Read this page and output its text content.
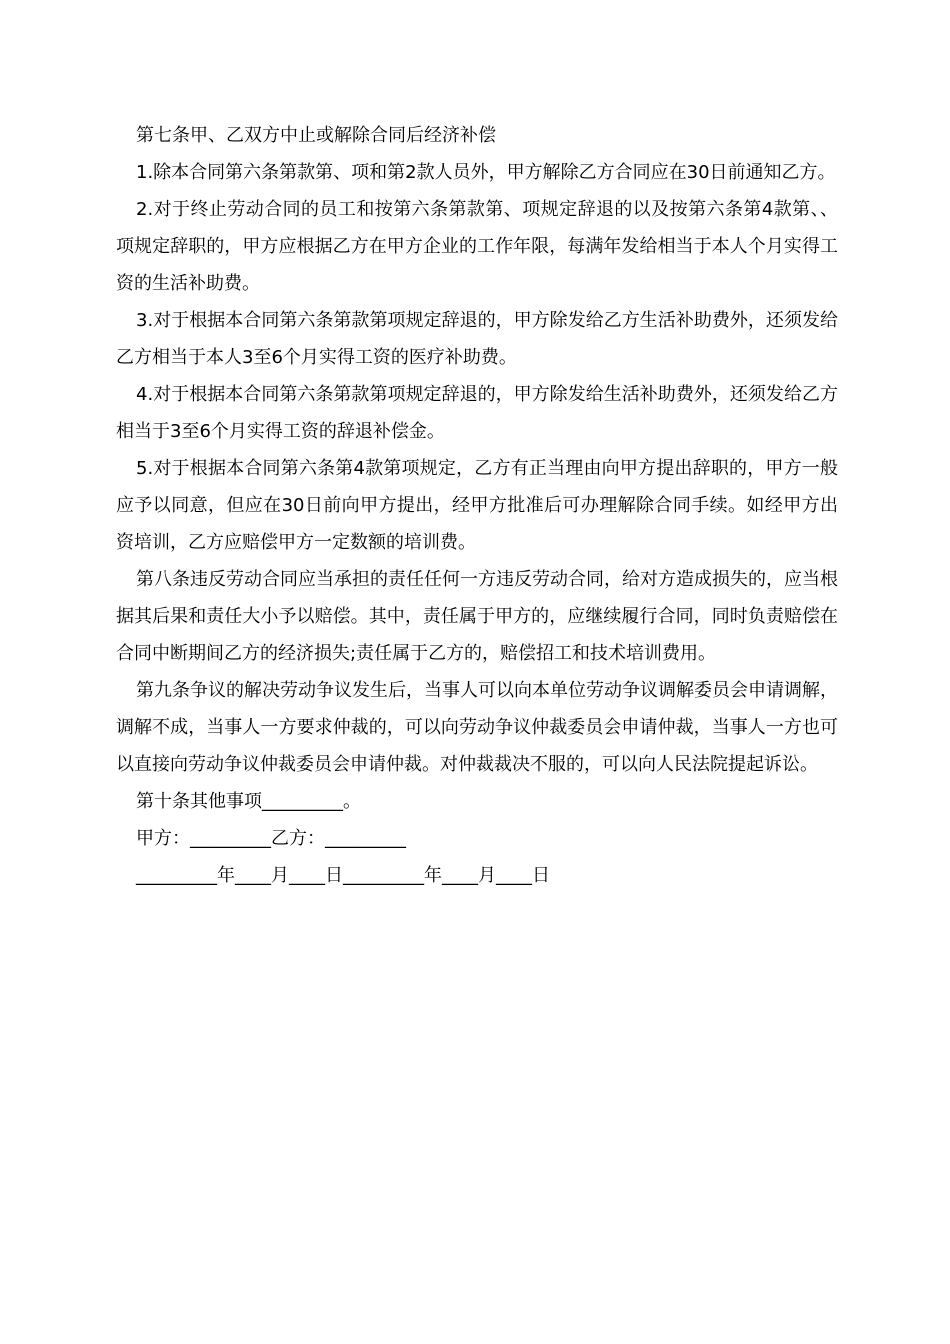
第七条甲、乙双方中止或解除合同后经济补偿

1.除本合同第六条第款第、项和第2款人员外，甲方解除乙方合同应在30日前通知乙方。

2.对于终止劳动合同的员工和按第六条第款第、项规定辞退的以及按第六条第4款第、、项规定辞职的，甲方应根据乙方在甲方企业的工作年限，每满年发给相当于本人个月实得工资的生活补助费。

3.对于根据本合同第六条第款第项规定辞退的，甲方除发给乙方生活补助费外，还须发给乙方相当于本人3至6个月实得工资的医疗补助费。

4.对于根据本合同第六条第款第项规定辞退的，甲方除发给生活补助费外，还须发给乙方相当于3至6个月实得工资的辞退补偿金。

5.对于根据本合同第六条第4款第项规定，乙方有正当理由向甲方提出辞职的，甲方一般应予以同意，但应在30日前向甲方提出，经甲方批准后可办理解除合同手续。如经甲方出资培训，乙方应赔偿甲方一定数额的培训费。

第八条违反劳动合同应当承担的责任任何一方违反劳动合同，给对方造成损失的，应当根据其后果和责任大小予以赔偿。其中，责任属于甲方的，应继续履行合同，同时负责赔偿在合同中断期间乙方的经济损失;责任属于乙方的，赔偿招工和技术培训费用。

第九条争议的解决劳动争议发生后，当事人可以向本单位劳动争议调解委员会申请调解，调解不成，当事人一方要求仲裁的，可以向劳动争议仲裁委员会申请仲裁，当事人一方也可以直接向劳动争议仲裁委员会申请仲裁。对仲裁裁决不服的，可以向人民法院提起诉讼。

第十条其他事项_________。

甲方：_________乙方：_________

_________年____月____日_________年____月____日
